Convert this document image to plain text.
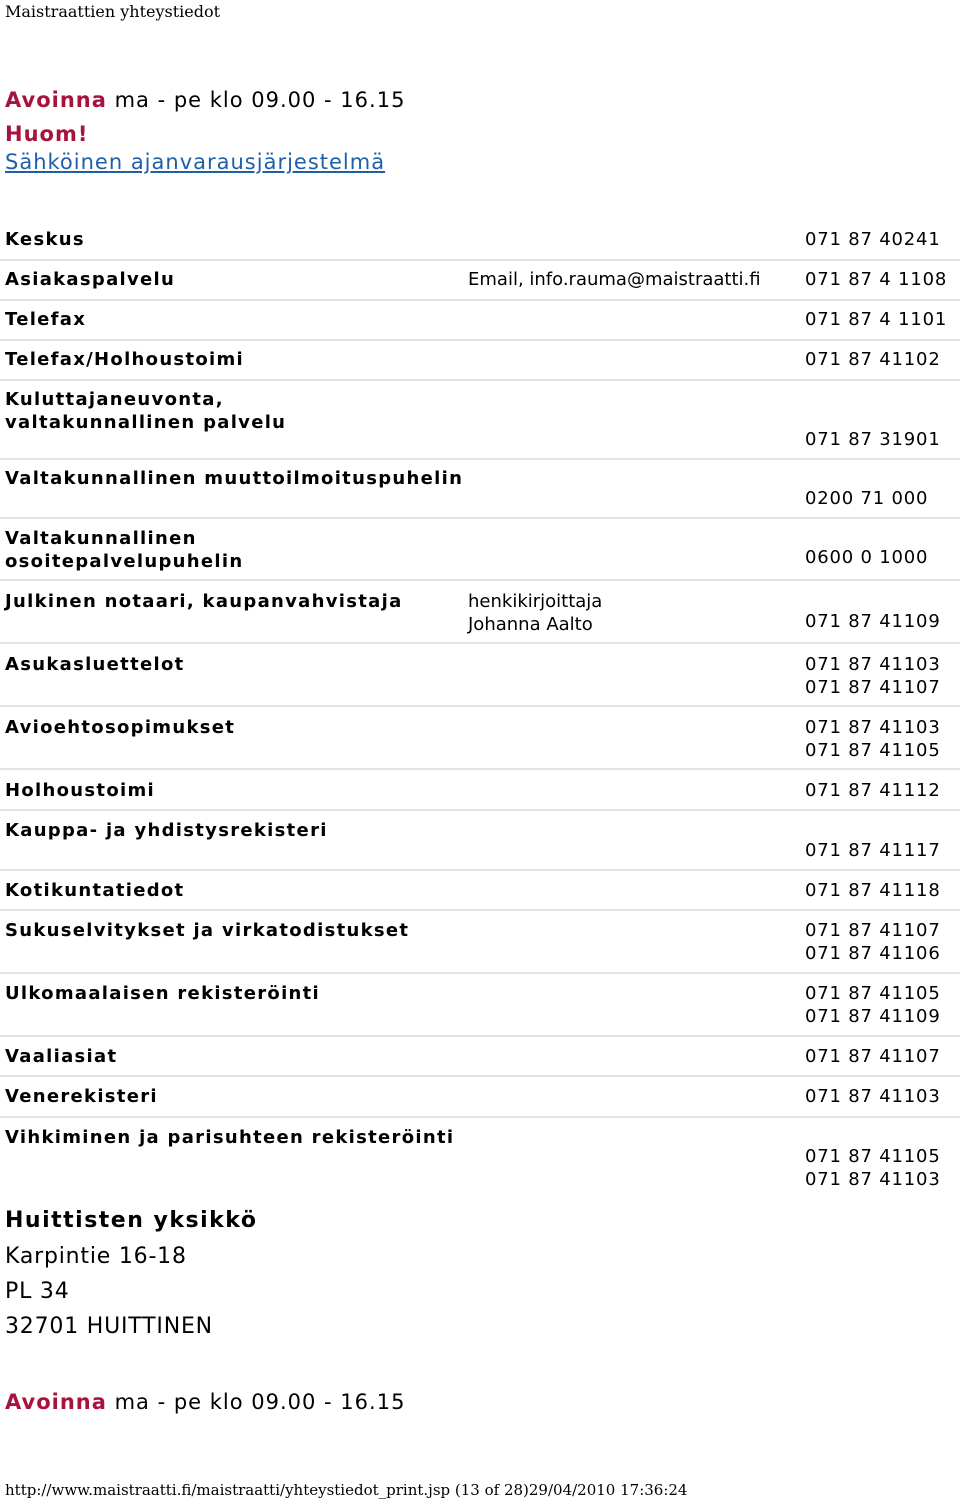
Maistraattien yhteystiedot
Avoinna ma - pe klo 09.00 - 16.15
Huom!
Sähköinen ajanvarausjärjestelmä
Keskus	071 87 40241
Asiakaspalvelu	Email, info.rauma@maistraatti.fi 071 87 4 1108
Telefax	071 87 4 1101
Telefax/Holhoustoimi	071 87 41102
Kuluttajaneuvonta,
valtakunnallinen palvelu
071 87 31901
Valtakunnallinen muuttoilmoituspuhelin
0200 71 000
Valtakunnallinen
osoitepalvelupuhelin	0600 0 1000
Julkinen notaari, kaupanvahvistaja	henkikirjoittaja
Johanna Aalto	071 87 41109
Asukasluettelot	071 87 41103
071 87 41107
Avioehtosopimukset	071 87 41103
071 87 41105
Holhoustoimi	071 87 41112
Kauppa- ja yhdistysrekisteri
071 87 41117
Kotikuntatiedot	071 87 41118
Sukuselvitykset ja virkatodistukset	071 87 41107
071 87 41106
Ulkomaalaisen rekisteröinti	071 87 41105
071 87 41109
Vaaliasiat	071 87 41107
Venerekisteri	071 87 41103
Vihkiminen ja parisuhteen rekisteröinti
071 87 41105
071 87 41103
Huittisten yksikkö
Karpintie 16-18
PL 34
32701 HUITTINEN
Avoinna ma - pe klo 09.00 - 16.15
http://www.maistraatti.fi/maistraatti/yhteystiedot_print.jsp (13 of 28)29/04/2010 17:36:24
